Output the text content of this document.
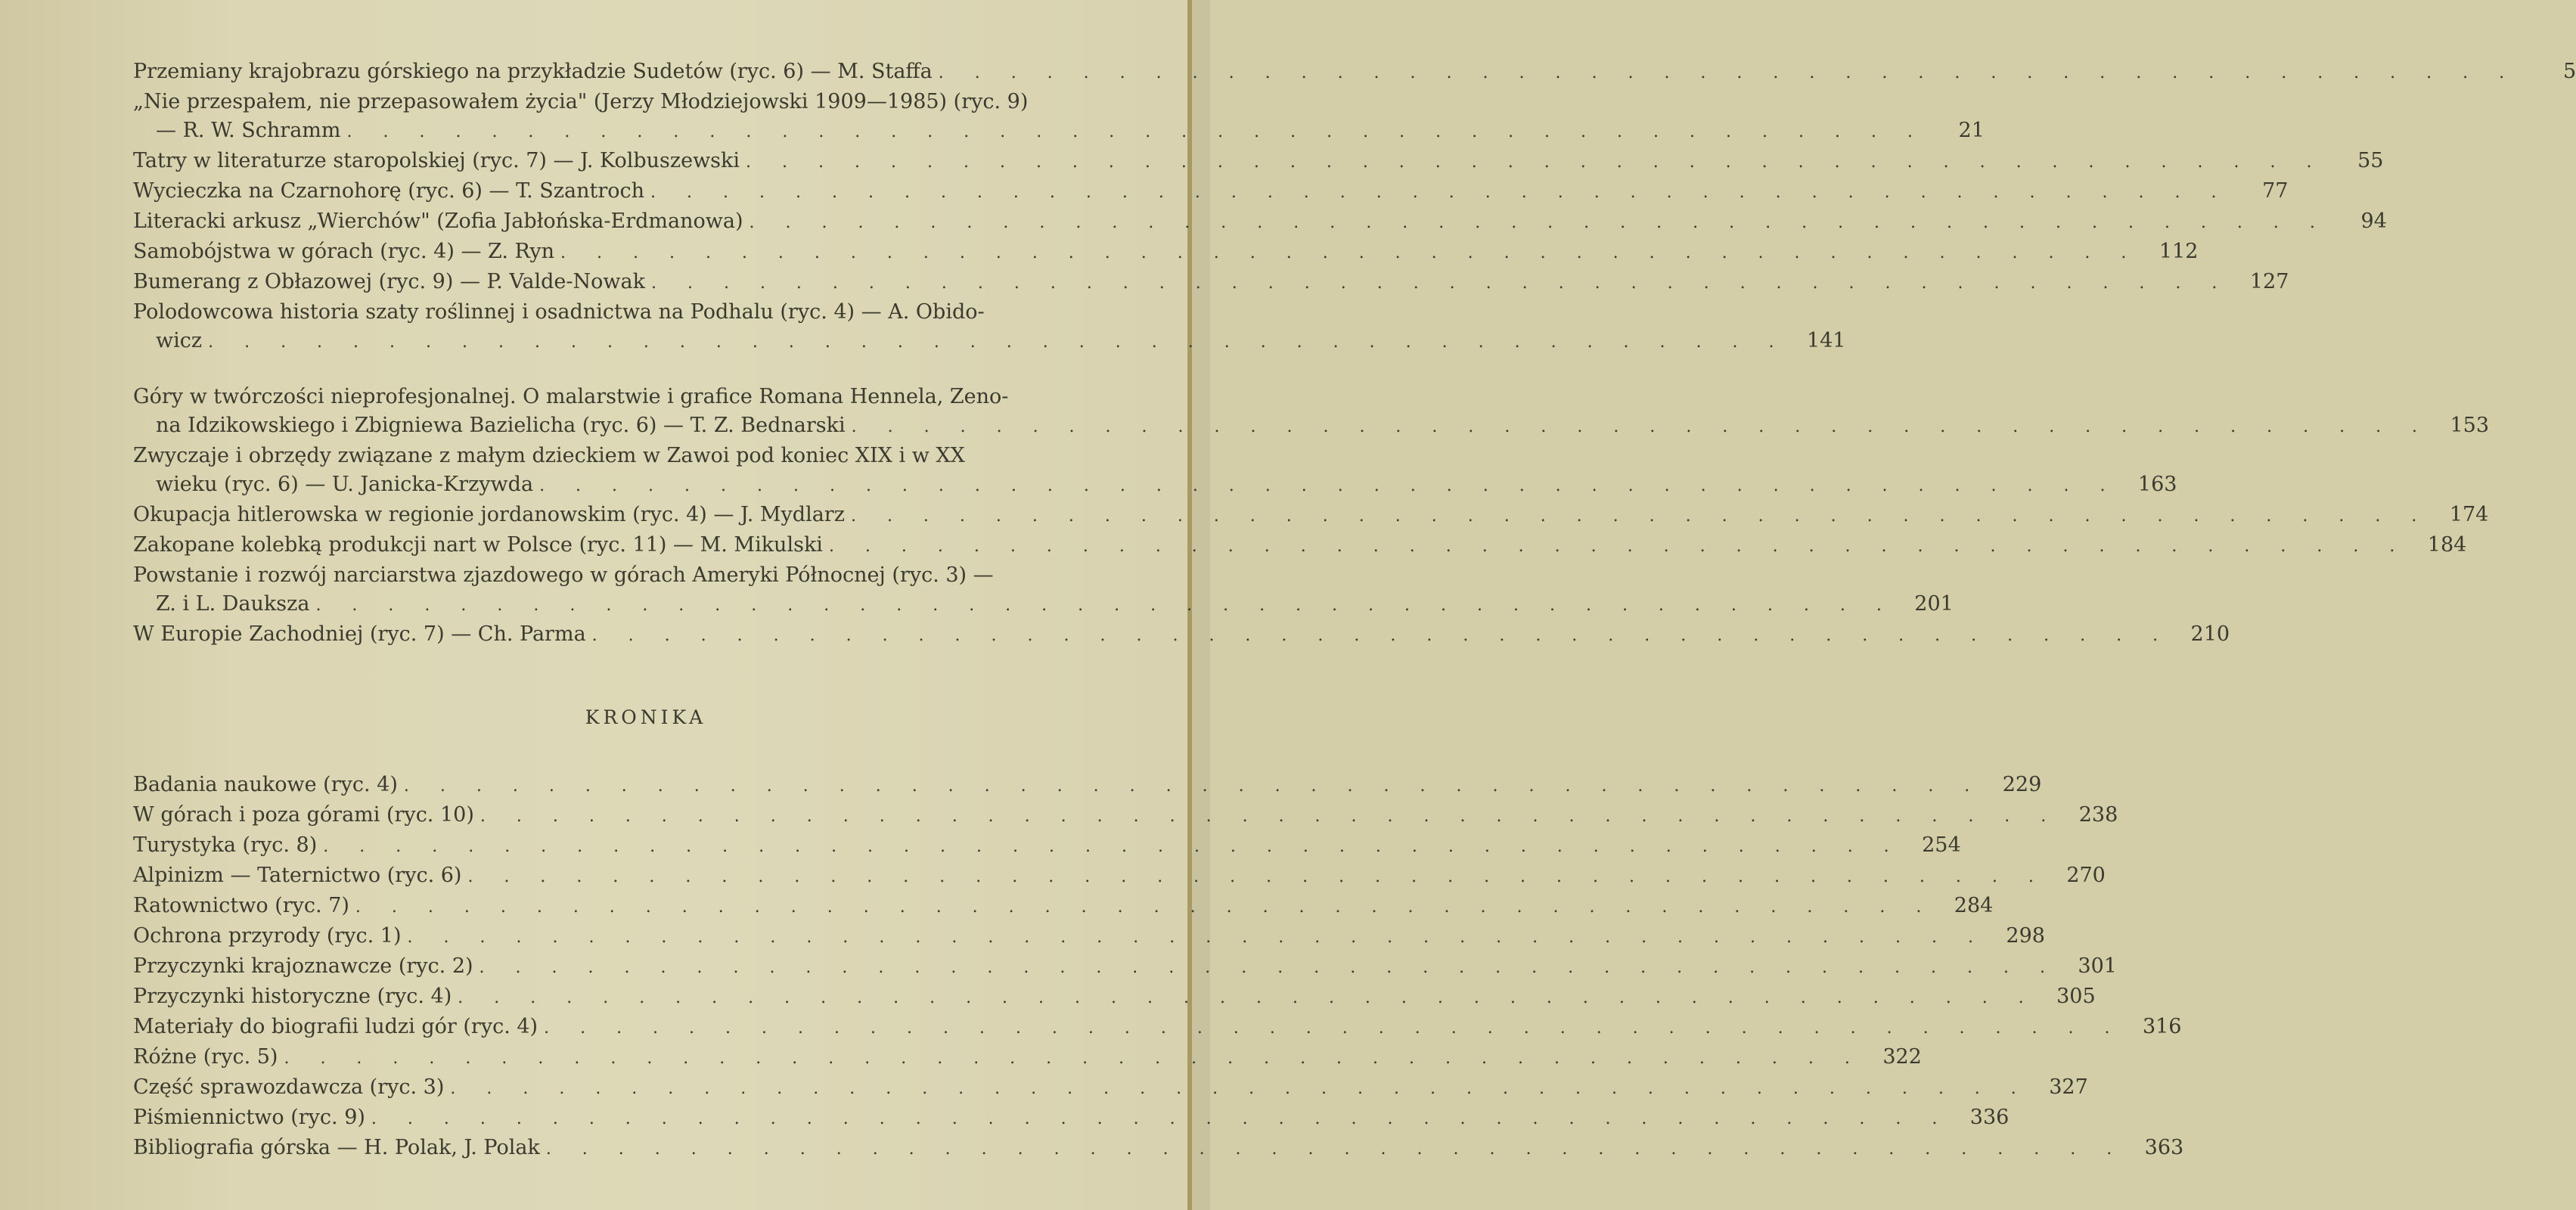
Przemiany krajobrazu górskiego na przykładzie Sudetów (ryc. 6) — M. Staffa . . . . . . . . . . . . . . . . . . . . . . . . . . . . . . . . . . . . . . . . . . . .	5
„Nie przespałem, nie przepasowałem życia" (Jerzy Młodziejowski 1909—1985) (ryc. 9)
— R. W. Schramm . . . . . . . . . . . . . . . . . . . . . . . . . . . . . . . . . . . . . . . . . . . .	21
Tatry w literaturze staropolskiej (ryc. 7) — J. Kolbuszewski . . . . . . . . . . . . . . . . . . . . . . . . . . . . . . . . . . . . . . . . . . . .	55
Wycieczka na Czarnohorę (ryc. 6) — T. Szantroch . . . . . . . . . . . . . . . . . . . . . . . . . . . . . . . . . . . . . . . . . . . .	77
Literacki arkusz „Wierchów" (Zofia Jabłońska-Erdmanowa) . . . . . . . . . . . . . . . . . . . . . . . . . . . . . . . . . . . . . . . . . . . .	94
Samobójstwa w górach (ryc. 4) — Z. Ryn . . . . . . . . . . . . . . . . . . . . . . . . . . . . . . . . . . . . . . . . . . . . 112
Bumerang z Obłazowej (ryc. 9) — P. Valde-Nowak . . . . . . . . . . . . . . . . . . . . . . . . . . . . . . . . . . . . . . . . . . . . 127
Polodowcowa historia szaty roślinnej i osadnictwa na Podhalu (ryc. 4) — A. Obido-
wicz . . . . . . . . . . . . . . . . . . . . . . . . . . . . . . . . . . . . . . . . . . . . 141
Góry w twórczości nieprofesjonalnej. O malarstwie i grafice Romana Hennela, Zeno-
na Idzikowskiego i Zbigniewa Bazielicha (ryc. 6) — T. Z. Bednarski . . . . . . . . . . . . . . . . . . . . . . . . . . . . . . . . . . . . . . . . . . . . 153
Zwyczaje i obrzędy związane z małym dzieckiem w Zawoi pod koniec XIX i w XX
wieku (ryc. 6) — U. Janicka-Krzywda . . . . . . . . . . . . . . . . . . . . . . . . . . . . . . . . . . . . . . . . . . . . 163
Okupacja hitlerowska w regionie jordanowskim (ryc. 4) — J. Mydlarz . . . . . . . . . . . . . . . . . . . . . . . . . . . . . . . . . . . . . . . . . . . . 174
Zakopane kolebką produkcji nart w Polsce (ryc. 11) — M. Mikulski . . . . . . . . . . . . . . . . . . . . . . . . . . . . . . . . . . . . . . . . . . . . 184
Powstanie i rozwój narciarstwa zjazdowego w górach Ameryki Północnej (ryc. 3) —
Z. i L. Dauksza . . . . . . . . . . . . . . . . . . . . . . . . . . . . . . . . . . . . . . . . . . . . 201
W Europie Zachodniej (ryc. 7) — Ch. Parma . . . . . . . . . . . . . . . . . . . . . . . . . . . . . . . . . . . . . . . . . . . . 210
KRONIKA
Badania naukowe (ryc. 4) . . . . . . . . . . . . . . . . . . . . . . . . . . . . . . . . . . . . . . . . . . . . 229
W górach i poza górami (ryc. 10) . . . . . . . . . . . . . . . . . . . . . . . . . . . . . . . . . . . . . . . . . . . . 238
Turystyka (ryc. 8) . . . . . . . . . . . . . . . . . . . . . . . . . . . . . . . . . . . . . . . . . . . . 254
Alpinizm — Taternictwo (ryc. 6) . . . . . . . . . . . . . . . . . . . . . . . . . . . . . . . . . . . . . . . . . . . . 270
Ratownictwo (ryc. 7) . . . . . . . . . . . . . . . . . . . . . . . . . . . . . . . . . . . . . . . . . . . . 284
Ochrona przyrody (ryc. 1) . . . . . . . . . . . . . . . . . . . . . . . . . . . . . . . . . . . . . . . . . . . . 298
Przyczynki krajoznawcze (ryc. 2) . . . . . . . . . . . . . . . . . . . . . . . . . . . . . . . . . . . . . . . . . . . . 301
Przyczynki historyczne (ryc. 4) . . . . . . . . . . . . . . . . . . . . . . . . . . . . . . . . . . . . . . . . . . . . 305
Materiały do biografii ludzi gór (ryc. 4) . . . . . . . . . . . . . . . . . . . . . . . . . . . . . . . . . . . . . . . . . . . . 316
Różne (ryc. 5) . . . . . . . . . . . . . . . . . . . . . . . . . . . . . . . . . . . . . . . . . . . . 322
Część sprawozdawcza (ryc. 3) . . . . . . . . . . . . . . . . . . . . . . . . . . . . . . . . . . . . . . . . . . . . 327
Piśmiennictwo (ryc. 9) . . . . . . . . . . . . . . . . . . . . . . . . . . . . . . . . . . . . . . . . . . . . 336
Bibliografia górska — H. Polak, J. Polak . . . . . . . . . . . . . . . . . . . . . . . . . . . . . . . . . . . . . . . . . . . . 363
